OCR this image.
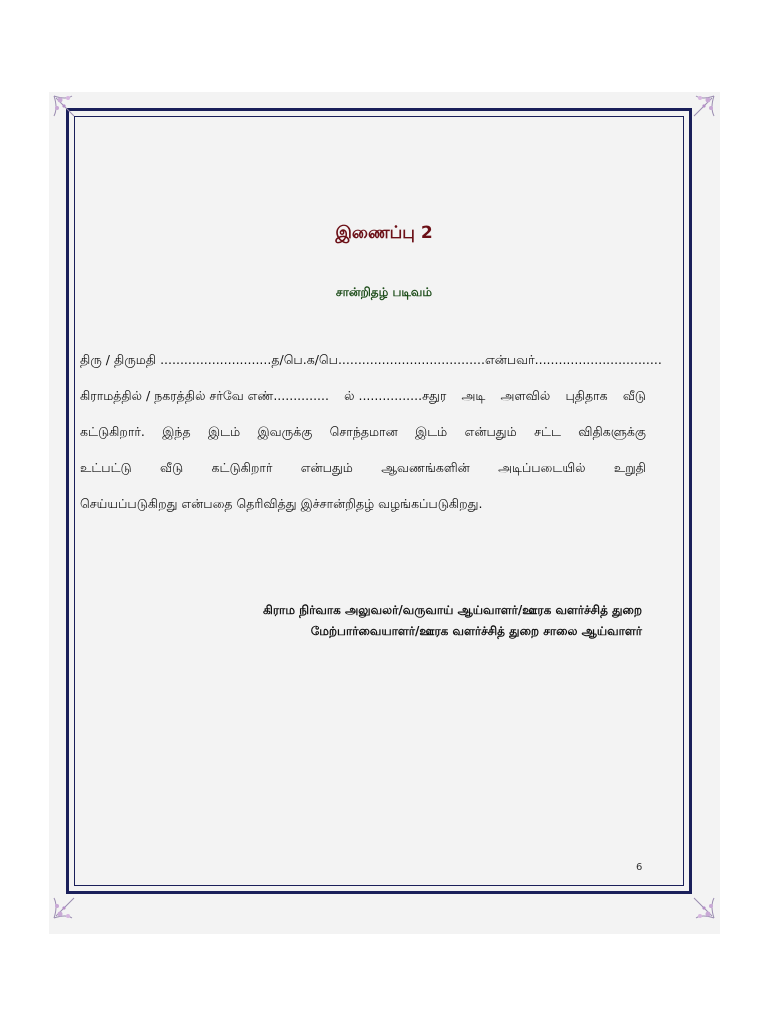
இணைப்பு 2
சான்றிதழ் படிவம்
திரு / திருமதி ............................ த/பெ.க/பெ. .................................... என்பவர் ................................
கிராமத்தில் / நகரத்தில் சர்வே எண்.............. ல் ................சதுர அடி அளவில் புதிதாக வீடு
கட்டுகிறார். இந்த இடம் இவருக்கு சொந்தமான இடம் என்பதும் சட்ட விதிகளுக்கு
உட்பட்டு வீடு கட்டுகிறார் என்பதும் ஆவணங்களின் அடிப்படையில் உறுதி
செய்யப்படுகிறது என்பதை தெரிவித்து இச்சான்றிதழ் வழங்கப்படுகிறது.
கிராம நிர்வாக அலுவலர்/வருவாய் ஆய்வாளர்/ஊரக வளர்ச்சித் துறை
மேற்பார்வையாளர்/ஊரக வளர்ச்சித் துறை சாலை ஆய்வாளர்
6
